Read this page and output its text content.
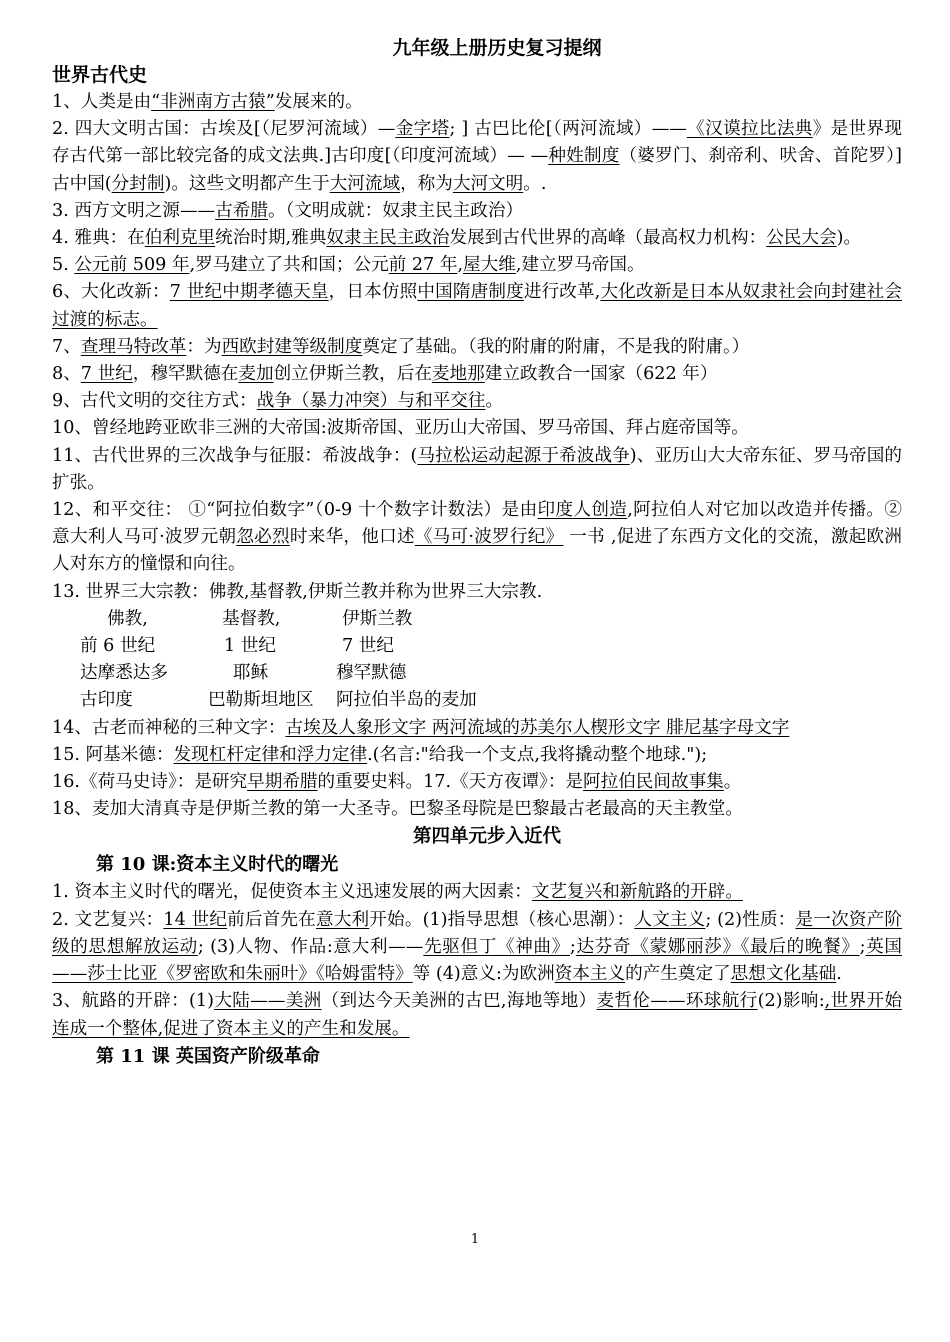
九年级上册历史复习提纲
世界古代史
1、人类是由“非洲南方古猿”发展来的。
2. 四大文明古国：古埃及[（尼罗河流域）—金字塔; ] 古巴比伦[（两河流域）——《汉谟拉比法典》是世界现存古代第一部比较完备的成文法典.]古印度[（印度河流域）— —种姓制度（婆罗门、刹帝利、吠舍、首陀罗）] 古中国(分封制)。这些文明都产生于大河流域，称为大河文明。.
3. 西方文明之源——古希腊。（文明成就：奴隶主民主政治）
4. 雅典：在伯利克里统治时期,雅典奴隶主民主政治发展到古代世界的高峰（最高权力机构：公民大会)。
5. 公元前 509 年,罗马建立了共和国；公元前 27 年,屋大维,建立罗马帝国。
6、大化改新：7 世纪中期孝德天皇，日本仿照中国隋唐制度进行改革,大化改新是日本从奴隶社会向封建社会过渡的标志。
7、查理马特改革：为西欧封建等级制度奠定了基础。（我的附庸的附庸，不是我的附庸。）
8、7 世纪，穆罕默德在麦加创立伊斯兰教，后在麦地那建立政教合一国家（622 年）
9、古代文明的交往方式：战争（暴力冲突）与和平交往。
10、曾经地跨亚欧非三洲的大帝国:波斯帝国、亚历山大帝国、罗马帝国、拜占庭帝国等。
11、古代世界的三次战争与征服：希波战争：(马拉松运动起源于希波战争)、亚历山大大帝东征、罗马帝国的扩张。
12、和平交往： ①“阿拉伯数字”（0-9 十个数字计数法）是由印度人创造,阿拉伯人对它加以改造并传播。②意大利人马可·波罗元朝忽必烈时来华，他口述《马可·波罗行纪》 一书 ,促进了东西方文化的交流，激起欧洲人对东方的憧憬和向往。
13. 世界三大宗教：佛教,基督教,伊斯兰教并称为世界三大宗教.
佛教,	基督教,	伊斯兰教
前 6 世纪	1 世纪	7 世纪
达摩悉达多	耶稣	穆罕默德
古印度	巴勒斯坦地区 阿拉伯半岛的麦加
14、古老而神秘的三种文字：古埃及人象形文字 两河流域的苏美尔人楔形文字 腓尼基字母文字
15. 阿基米德：发现杠杆定律和浮力定律.(名言:"给我一个支点,我将撬动整个地球.");
16.《荷马史诗》：是研究早期希腊的重要史料。17.《天方夜谭》：是阿拉伯民间故事集。
18、麦加大清真寺是伊斯兰教的第一大圣寺。巴黎圣母院是巴黎最古老最高的天主教堂。
第四单元步入近代
第 10 课:资本主义时代的曙光
1. 资本主义时代的曙光，促使资本主义迅速发展的两大因素：文艺复兴和新航路的开辟。
2. 文艺复兴：14 世纪前后首先在意大利开始。(1)指导思想（核心思潮）：人文主义; (2)性质：是一次资产阶级的思想解放运动; (3)人物、作品:意大利——先驱但丁《神曲》;达芬奇《蒙娜丽莎》《最后的晚餐》;英国——莎士比亚《罗密欧和朱丽叶》《哈姆雷特》等 (4)意义:为欧洲资本主义的产生奠定了思想文化基础.
3、航路的开辟：(1)大陆——美洲（到达今天美洲的古巴,海地等地）麦哲伦——环球航行(2)影响:,世界开始连成一个整体,促进了资本主义的产生和发展。
第 11 课 英国资产阶级革命
1
